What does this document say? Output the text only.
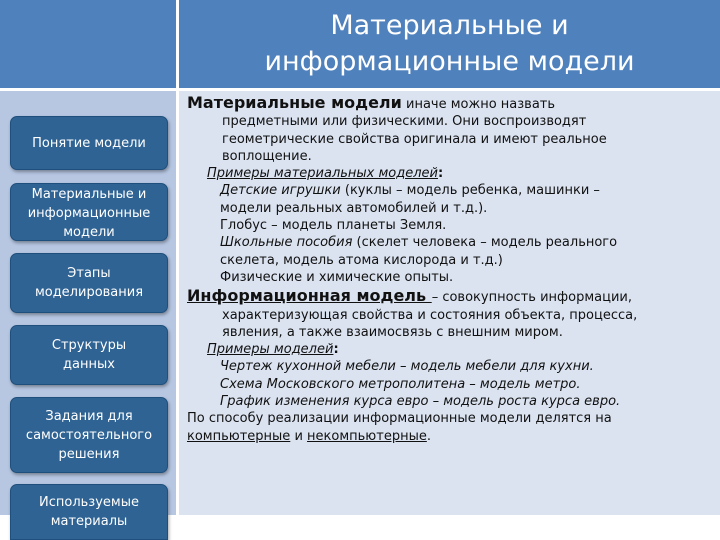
Материальные и
информационные модели
Понятие модели
Материальные и
информационные
модели
Этапы
моделирования
Структуры
данных
Задания для
самостоятельного
решения
Используемые
материалы

Материальные модели иначе можно назвать

предметными или физическими. Они воспроизводят

геометрические свойства оригинала и имеют реальное

воплощение.

Примеры материальных моделей:

Детские игрушки (куклы – модель ребенка, машинки –

модели реальных автомобилей и т.д.).

Глобус – модель планеты Земля.

Школьные пособия (скелет человека – модель реального

скелета, модель атома кислорода и т.д.)

Физические и химические опыты.

Информационная модель – совокупность информации,

характеризующая свойства и состояния объекта, процесса,

явления, а также взаимосвязь с внешним миром.

Примеры моделей:

Чертеж кухонной мебели – модель мебели для кухни.

Схема Московского метрополитена – модель метро.

График изменения курса евро – модель роста курса евро.

По способу реализации информационные модели делятся на

компьютерные и некомпьютерные.
